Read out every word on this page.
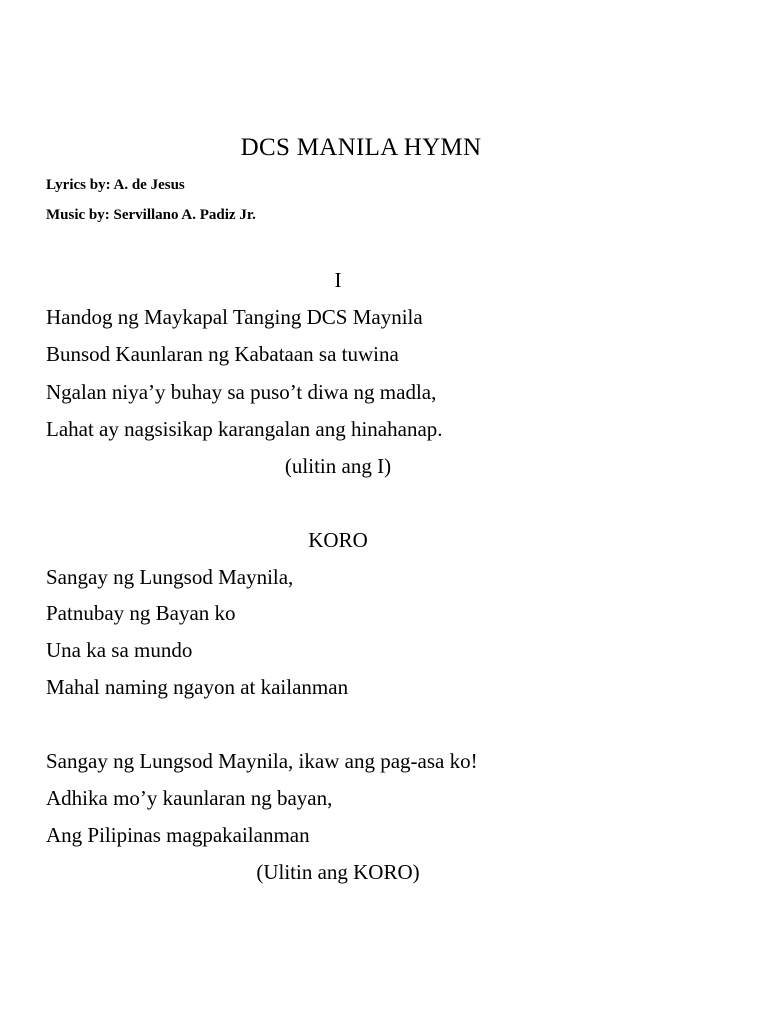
DCS MANILA HYMN
Lyrics by: A. de Jesus
Music by: Servillano A. Padiz Jr.
I
Handog ng Maykapal Tanging DCS Maynila
Bunsod Kaunlaran ng Kabataan sa tuwina
Ngalan niya’y buhay sa puso’t diwa ng madla,
Lahat ay nagsisikap karangalan ang hinahanap.
(ulitin ang I)
KORO
Sangay ng Lungsod Maynila,
Patnubay ng Bayan ko
Una ka sa mundo
Mahal naming ngayon at kailanman
Sangay ng Lungsod Maynila, ikaw ang pag-asa ko!
Adhika mo’y kaunlaran ng bayan,
Ang Pilipinas magpakailanman
(Ulitin ang KORO)
